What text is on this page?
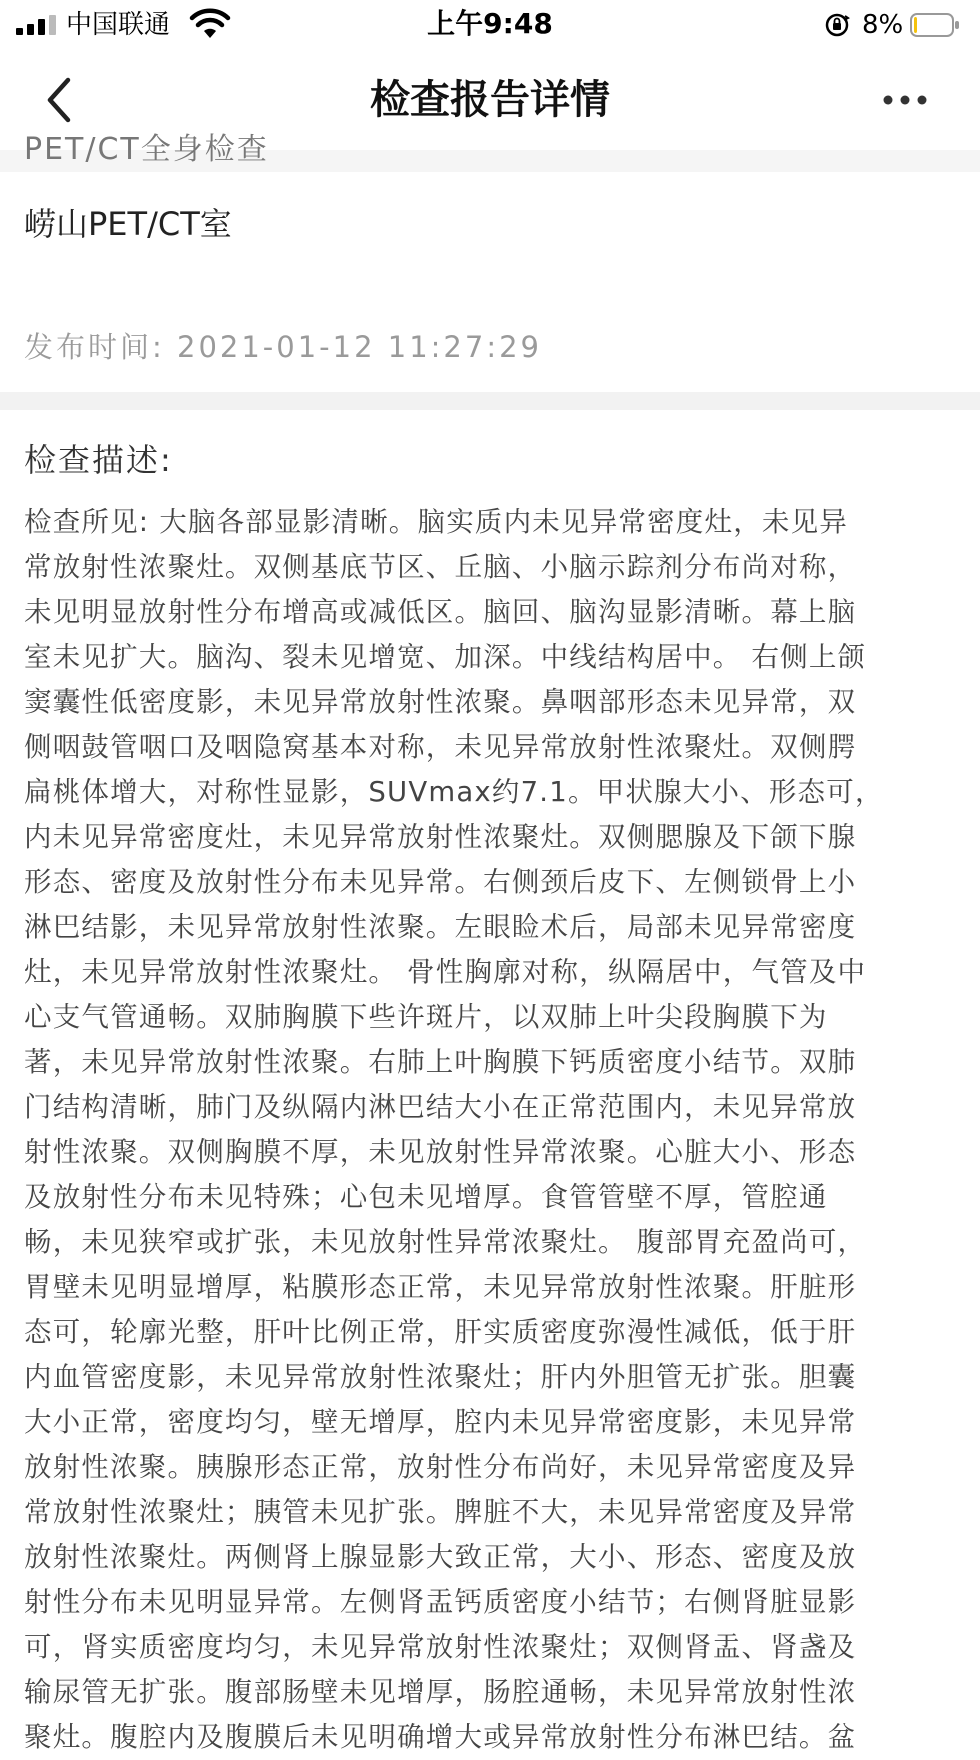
中国联通	上午9:48	8%
检查报告详情
PET/CT全身检查
崂山PET/CT室
发布时间: 2021-01-12 11:27:29
检查描述:
检查所见: 大脑各部显影清晰。脑实质内未见异常密度灶，未见异
常放射性浓聚灶。双侧基底节区、丘脑、小脑示踪剂分布尚对称，
未见明显放射性分布增高或减低区。脑回、脑沟显影清晰。幕上脑
室未见扩大。脑沟、裂未见增宽、加深。中线结构居中。 右侧上颌
窦囊性低密度影，未见异常放射性浓聚。鼻咽部形态未见异常，双
侧咽鼓管咽口及咽隐窝基本对称，未见异常放射性浓聚灶。双侧腭
扁桃体增大，对称性显影，SUVmax约7.1。甲状腺大小、形态可，
内未见异常密度灶，未见异常放射性浓聚灶。双侧腮腺及下颌下腺
形态、密度及放射性分布未见异常。右侧颈后皮下、左侧锁骨上小
淋巴结影，未见异常放射性浓聚。左眼睑术后，局部未见异常密度
灶，未见异常放射性浓聚灶。 骨性胸廓对称，纵隔居中，气管及中
心支气管通畅。双肺胸膜下些许斑片，以双肺上叶尖段胸膜下为
著，未见异常放射性浓聚。右肺上叶胸膜下钙质密度小结节。双肺
门结构清晰，肺门及纵隔内淋巴结大小在正常范围内，未见异常放
射性浓聚。双侧胸膜不厚，未见放射性异常浓聚。心脏大小、形态
及放射性分布未见特殊；心包未见增厚。食管管壁不厚，管腔通
畅，未见狭窄或扩张，未见放射性异常浓聚灶。 腹部胃充盈尚可，
胃壁未见明显增厚，粘膜形态正常，未见异常放射性浓聚。肝脏形
态可，轮廓光整，肝叶比例正常，肝实质密度弥漫性减低，低于肝
内血管密度影，未见异常放射性浓聚灶；肝内外胆管无扩张。胆囊
大小正常，密度均匀，壁无增厚，腔内未见异常密度影，未见异常
放射性浓聚。胰腺形态正常，放射性分布尚好，未见异常密度及异
常放射性浓聚灶；胰管未见扩张。脾脏不大，未见异常密度及异常
放射性浓聚灶。两侧肾上腺显影大致正常，大小、形态、密度及放
射性分布未见明显异常。左侧肾盂钙质密度小结节；右侧肾脏显影
可，肾实质密度均匀，未见异常放射性浓聚灶；双侧肾盂、肾盏及
输尿管无扩张。腹部肠壁未见增厚，肠腔通畅，未见异常放射性浓
聚灶。腹腔内及腹膜后未见明确增大或异常放射性分布淋巴结。盆
